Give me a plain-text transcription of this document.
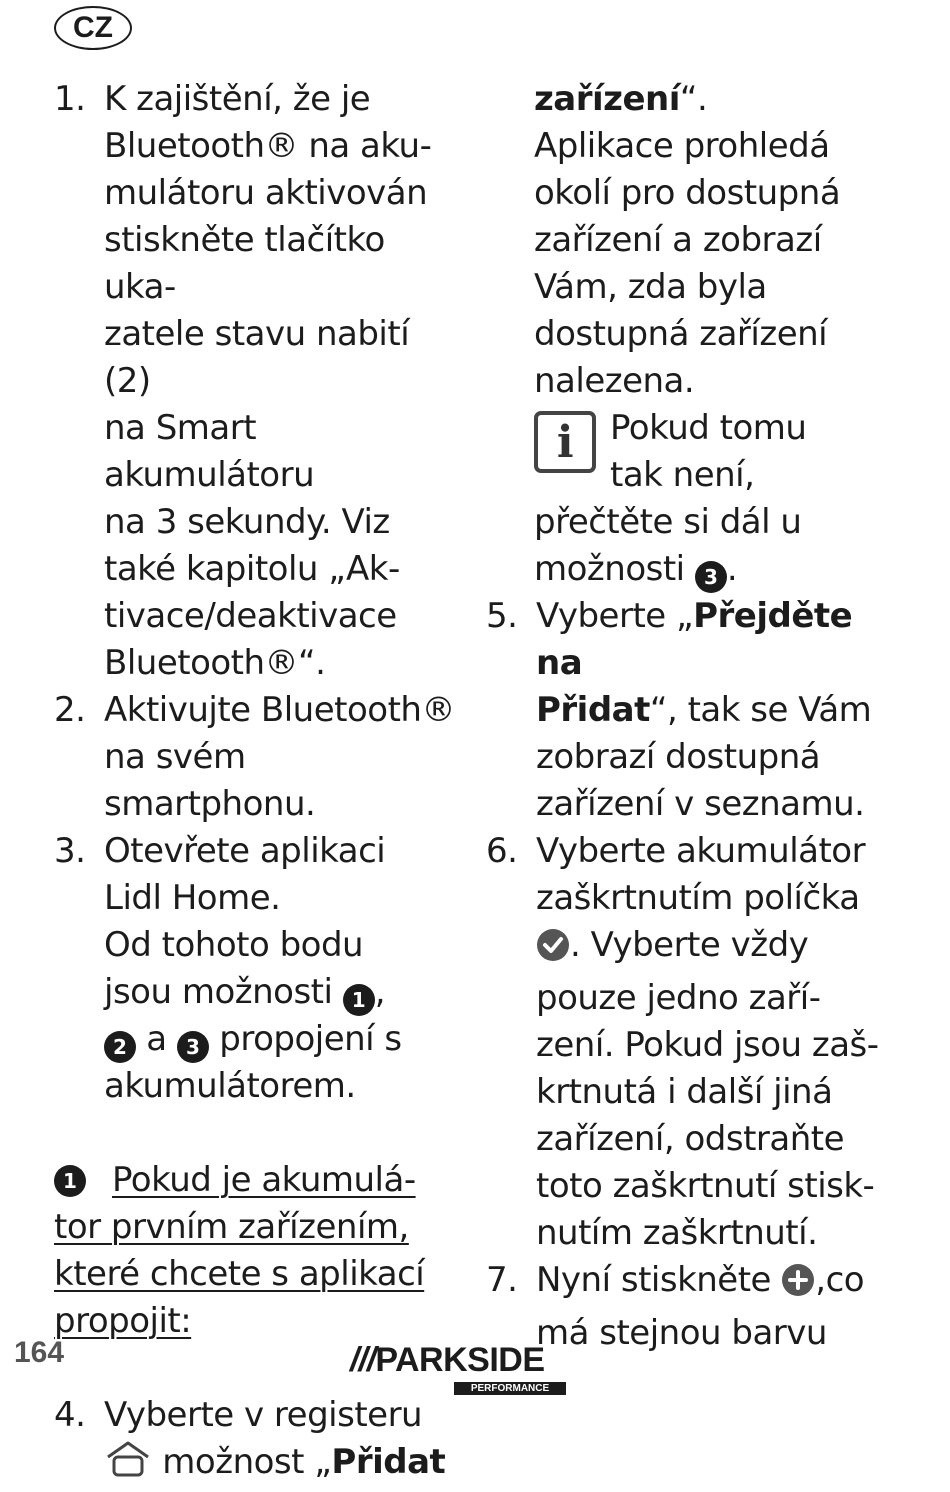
CZ
1. K zajištění, že je
Bluetooth® na aku-
mulátoru aktivován
stiskněte tlačítko uka-
zatele stavu nabití (2)
na Smart akumulátoru
na 3 sekundy. Viz
také kapitolu „Ak-
tivace/deaktivace
Bluetooth®“.
2. Aktivujte Bluetooth®
na svém smartphonu.
3. Otevřete aplikaci
Lidl Home.
Od tohoto bodu
jsou možnosti 1 ,
2 a 3 propojení s
akumulátorem.
1	Pokud je akumulá-
tor prvním zařízením,
které chcete s aplikací
propojit:
4. Vyberte v registeru
možnost „Přidat
zařízení“.
Aplikace prohledá
okolí pro dostupná
zařízení a zobrazí
Vám, zda byla
dostupná zařízení
nalezena.
i	Pokud tomu
tak není,
přečtěte si dál u
možnosti 3 .
5. Vyberte „Přejděte na
Přidat“, tak se Vám
zobrazí dostupná
zařízení v seznamu.
6. Vyberte akumulátor
zaškrtnutím políčka
. Vyberte vždy
pouze jedno zaří-
zení. Pokud jsou zaš-
krtnutá i další jiná
zařízení, odstraňte
toto zaškrtnutí stisk-
nutím zaškrtnutí.
7. Nyní stiskněte ,co
má stejnou barvu
164	///PARKSIDE
PERFORMANCE
